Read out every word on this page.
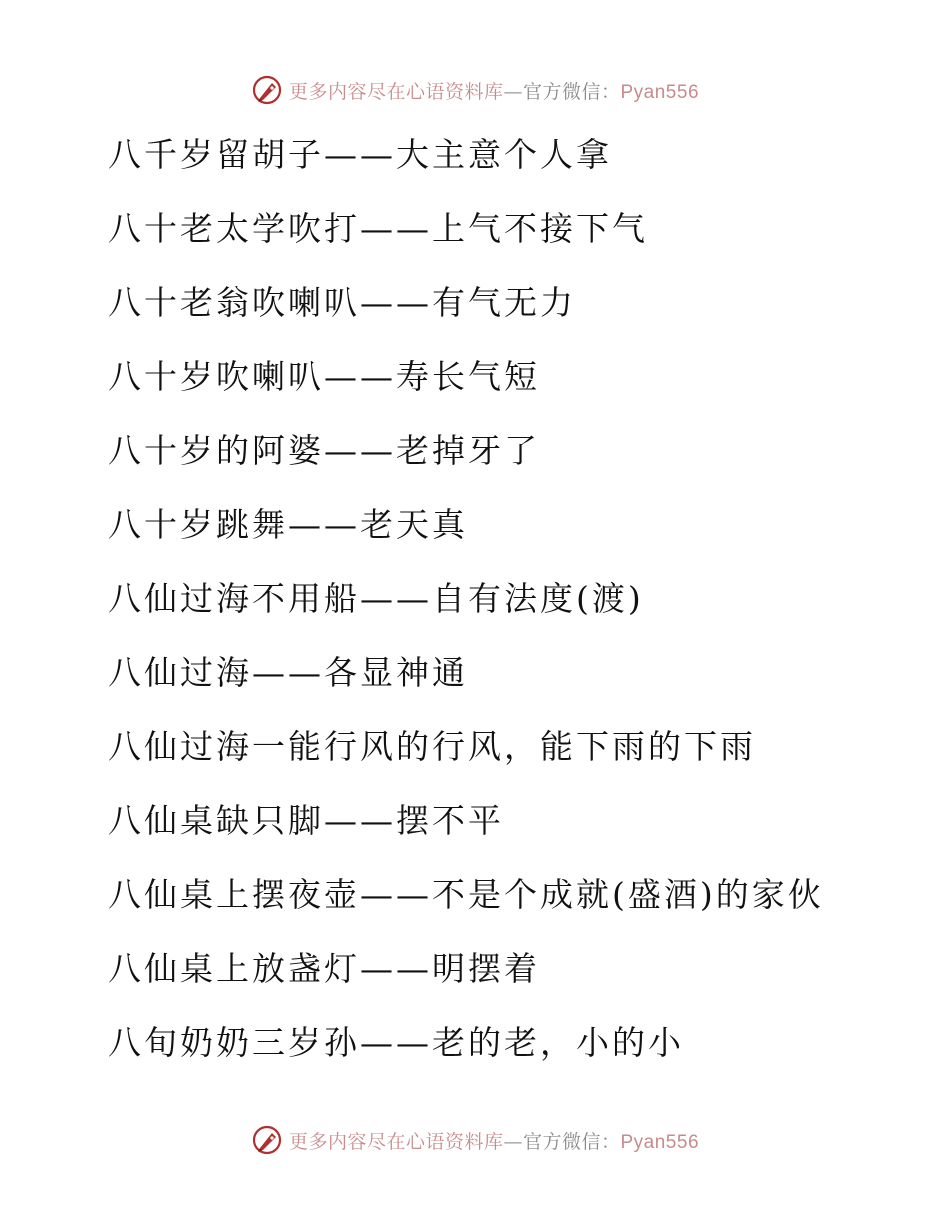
更多内容尽在心语资料库—官方微信：Pyan556
八千岁留胡子——大主意个人拿
八十老太学吹打——上气不接下气
八十老翁吹喇叭——有气无力
八十岁吹喇叭——寿长气短
八十岁的阿婆——老掉牙了
八十岁跳舞——老天真
八仙过海不用船——自有法度(渡)
八仙过海——各显神通
八仙过海一能行风的行风，能下雨的下雨
八仙桌缺只脚——摆不平
八仙桌上摆夜壶——不是个成就(盛酒)的家伙
八仙桌上放盏灯——明摆着
八旬奶奶三岁孙——老的老，小的小
更多内容尽在心语资料库—官方微信：Pyan556
